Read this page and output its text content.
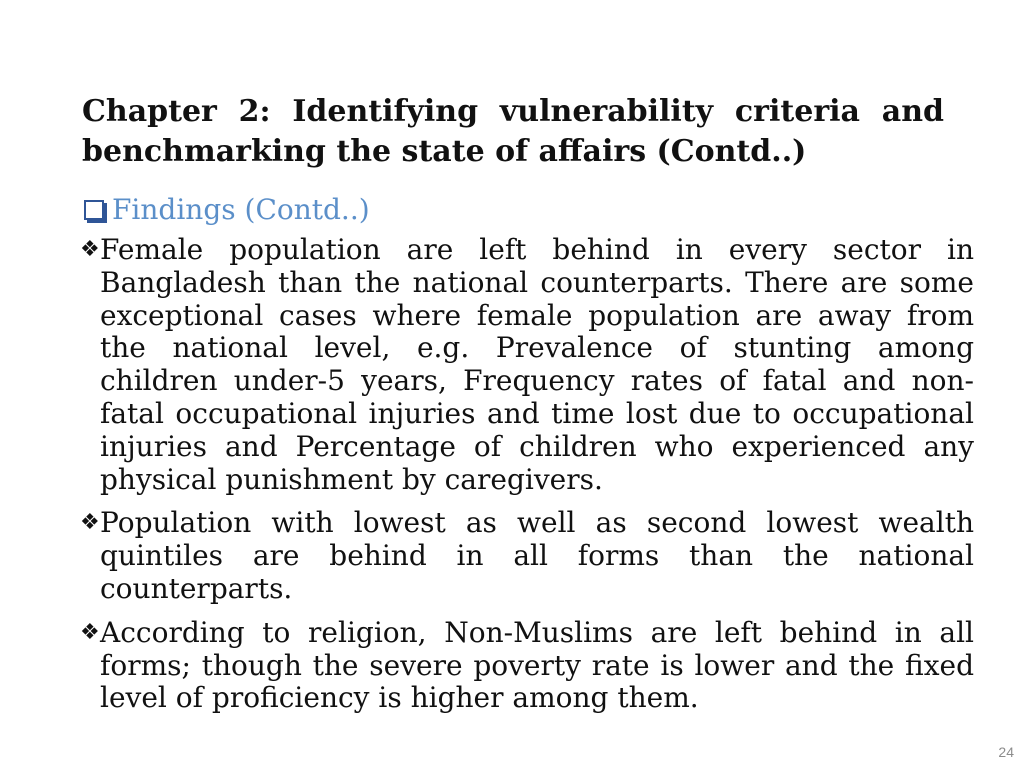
Chapter 2: Identifying vulnerability criteria and benchmarking the state of affairs (Contd..)
Findings (Contd..)
❖ Female population are left behind in every sector in Bangladesh than the national counterparts. There are some exceptional cases where female population are away from the national level, e.g. Prevalence of stunting among children under-5 years, Frequency rates of fatal and non-fatal occupational injuries and time lost due to occupational injuries and Percentage of children who experienced any physical punishment by caregivers.
❖ Population with lowest as well as second lowest wealth quintiles are behind in all forms than the national counterparts.
❖ According to religion, Non-Muslims are left behind in all forms; though the severe poverty rate is lower and the fixed level of proficiency is higher among them.
24
